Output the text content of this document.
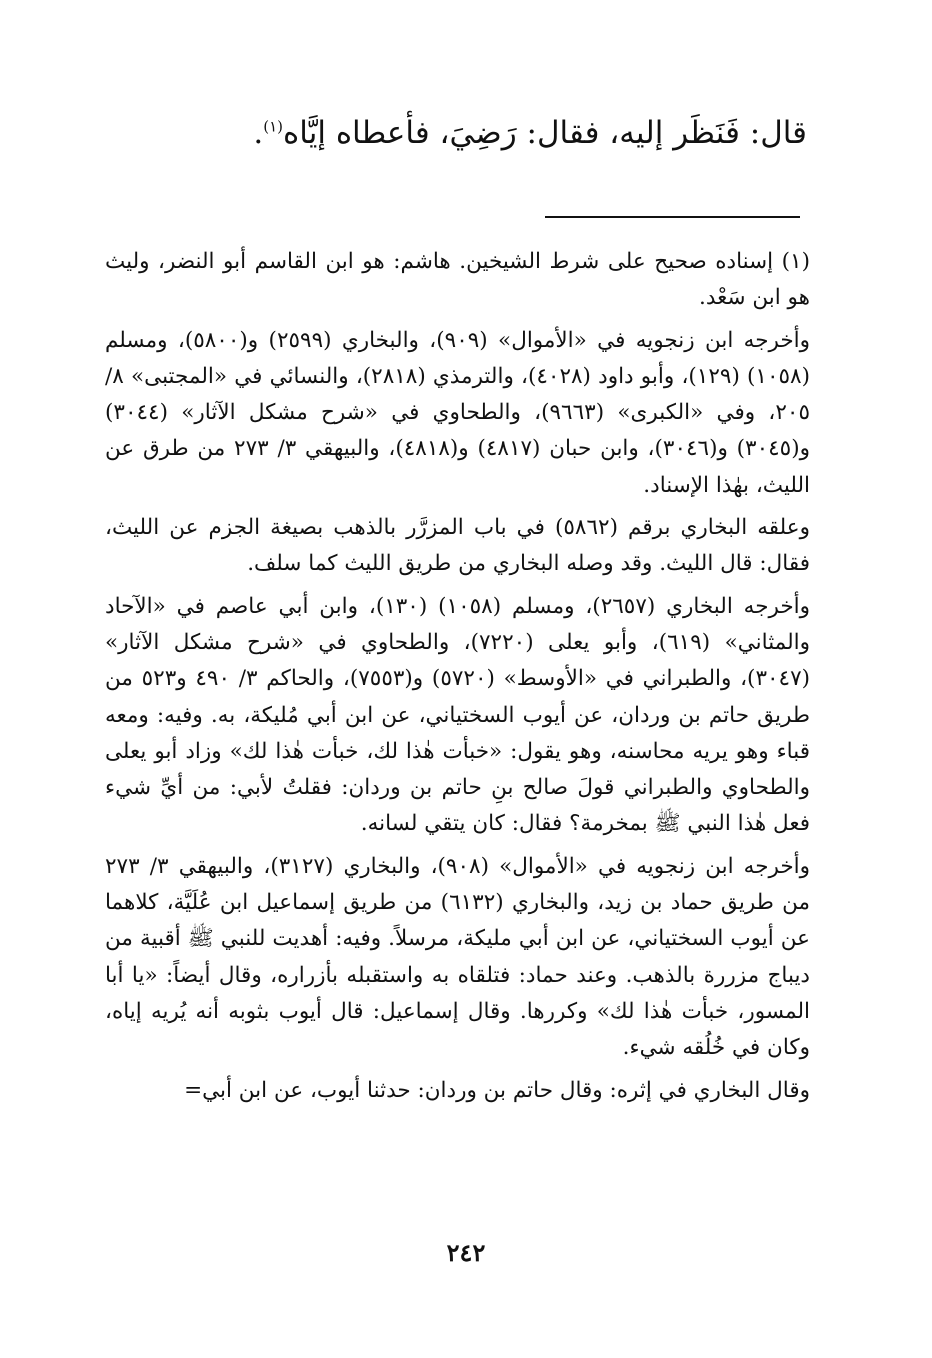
قال: فَنَظَر إليه، فقال: رَضِيَ، فأعطاه إيَّاه$^{(١)}$.

(١) إسناده صحيح على شرط الشيخين. هاشم: هو ابن القاسم أبو النضر، وليث هو ابن سَعْد.

وأخرجه ابن زنجويه في «الأموال» (٩٠٩)، والبخاري (٢٥٩٩) و(٥٨٠٠)، ومسلم (١٠٥٨) (١٢٩)، وأبو داود (٤٠٢٨)، والترمذي (٢٨١٨)، والنسائي في «المجتبى» ٨/ ٢٠٥، وفي «الكبرى» (٩٦٦٣)، والطحاوي في «شرح مشكل الآثار» (٣٠٤٤) و(٣٠٤٥) و(٣٠٤٦)، وابن حبان (٤٨١٧) و(٤٨١٨)، والبيهقي ٣/ ٢٧٣ من طرق عن الليث، بهٰذا الإسناد.

وعلقه البخاري برقم (٥٨٦٢) في باب المزرَّر بالذهب بصيغة الجزم عن الليث، فقال: قال الليث. وقد وصله البخاري من طريق الليث كما سلف.

وأخرجه البخاري (٢٦٥٧)، ومسلم (١٠٥٨) (١٣٠)، وابن أبي عاصم في «الآحاد والمثاني» (٦١٩)، وأبو يعلى (٧٢٢٠)، والطحاوي في «شرح مشكل الآثار» (٣٠٤٧)، والطبراني في «الأوسط» (٥٧٢٠) و(٧٥٥٣)، والحاكم ٣/ ٤٩٠ و٥٢٣ من طريق حاتم بن وردان، عن أيوب السختياني، عن ابن أبي مُليكة، به. وفيه: ومعه قباء وهو يريه محاسنه، وهو يقول: «خبأت هٰذا لك، خبأت هٰذا لك» وزاد أبو يعلى والطحاوي والطبراني قولَ صالح بنِ حاتم بن وردان: فقلتُ لأبي: من أيِّ شيء فعل هٰذا النبي ﷺ بمخرمة؟ فقال: كان يتقي لسانه.

وأخرجه ابن زنجويه في «الأموال» (٩٠٨)، والبخاري (٣١٢٧)، والبيهقي ٣/ ٢٧٣ من طريق حماد بن زيد، والبخاري (٦١٣٢) من طريق إسماعيل ابن عُلَيَّة، كلاهما عن أيوب السختياني، عن ابن أبي مليكة، مرسلاً. وفيه: أهديت للنبي ﷺ أقبية من ديباج مزررة بالذهب. وعند حماد: فتلقاه به واستقبله بأزراره، وقال أيضاً: «يا أبا المسور، خبأت هٰذا لك» وكررها. وقال إسماعيل: قال أيوب بثوبه أنه يُريه إياه، وكان في خُلُقه شيء.

وقال البخاري في إثره: وقال حاتم بن وردان: حدثنا أيوب، عن ابن أبي=

٢٤٢
